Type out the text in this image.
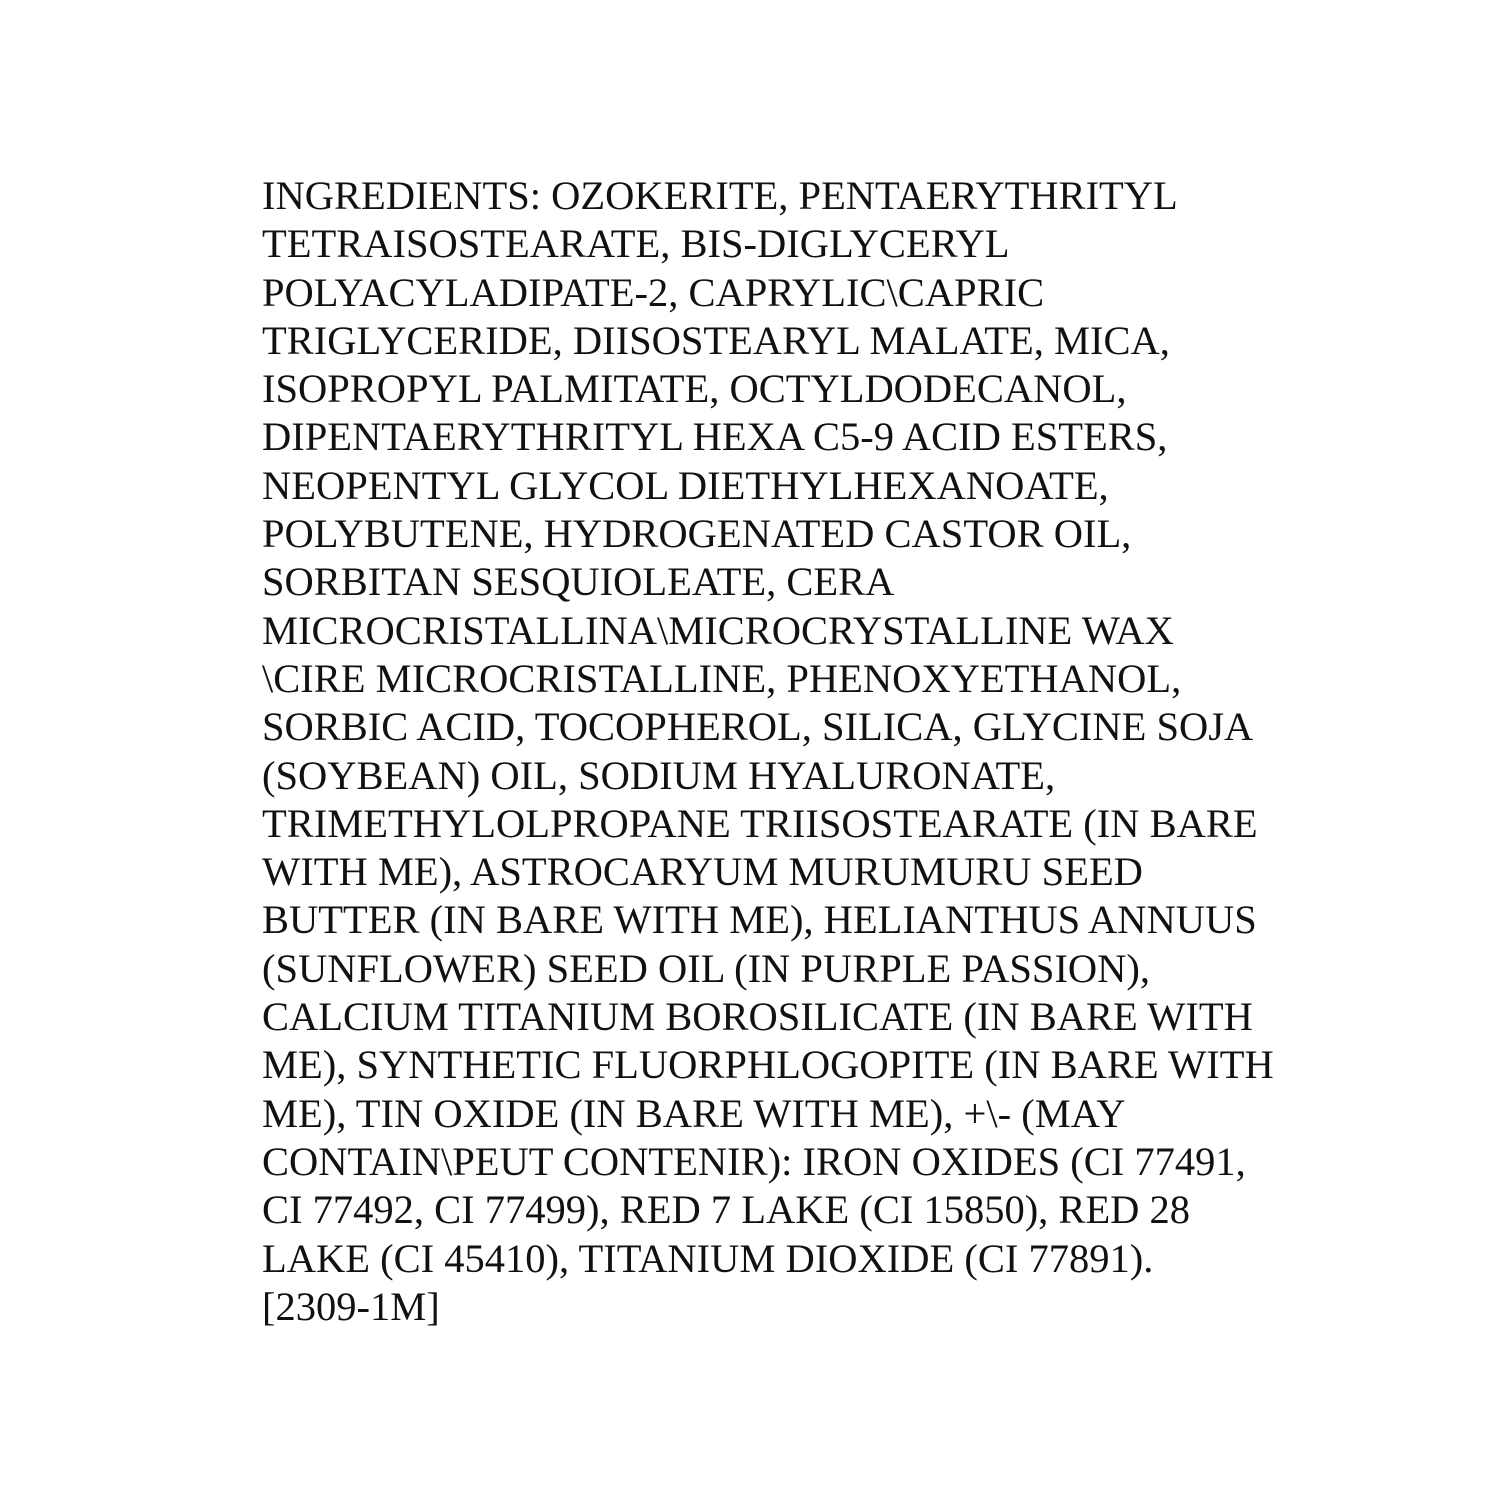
INGREDIENTS: OZOKERITE, PENTAERYTHRITYL
TETRAISOSTEARATE, BIS-DIGLYCERYL
POLYACYLADIPATE-2, CAPRYLIC\CAPRIC
TRIGLYCERIDE, DIISOSTEARYL MALATE, MICA,
ISOPROPYL PALMITATE, OCTYLDODECANOL,
DIPENTAERYTHRITYL HEXA C5-9 ACID ESTERS,
NEOPENTYL GLYCOL DIETHYLHEXANOATE,
POLYBUTENE, HYDROGENATED CASTOR OIL,
SORBITAN SESQUIOLEATE, CERA
MICROCRISTALLINA\MICROCRYSTALLINE WAX
\CIRE MICROCRISTALLINE, PHENOXYETHANOL,
SORBIC ACID, TOCOPHEROL, SILICA, GLYCINE SOJA
(SOYBEAN) OIL, SODIUM HYALURONATE,
TRIMETHYLOLPROPANE TRIISOSTEARATE (IN BARE
WITH ME), ASTROCARYUM MURUMURU SEED
BUTTER (IN BARE WITH ME), HELIANTHUS ANNUUS
(SUNFLOWER) SEED OIL (IN PURPLE PASSION),
CALCIUM TITANIUM BOROSILICATE (IN BARE WITH
ME), SYNTHETIC FLUORPHLOGOPITE (IN BARE WITH
ME), TIN OXIDE (IN BARE WITH ME), +\- (MAY
CONTAIN\PEUT CONTENIR): IRON OXIDES (CI 77491,
CI 77492, CI 77499), RED 7 LAKE (CI 15850), RED 28
LAKE (CI 45410), TITANIUM DIOXIDE (CI 77891).
[2309-1M]
